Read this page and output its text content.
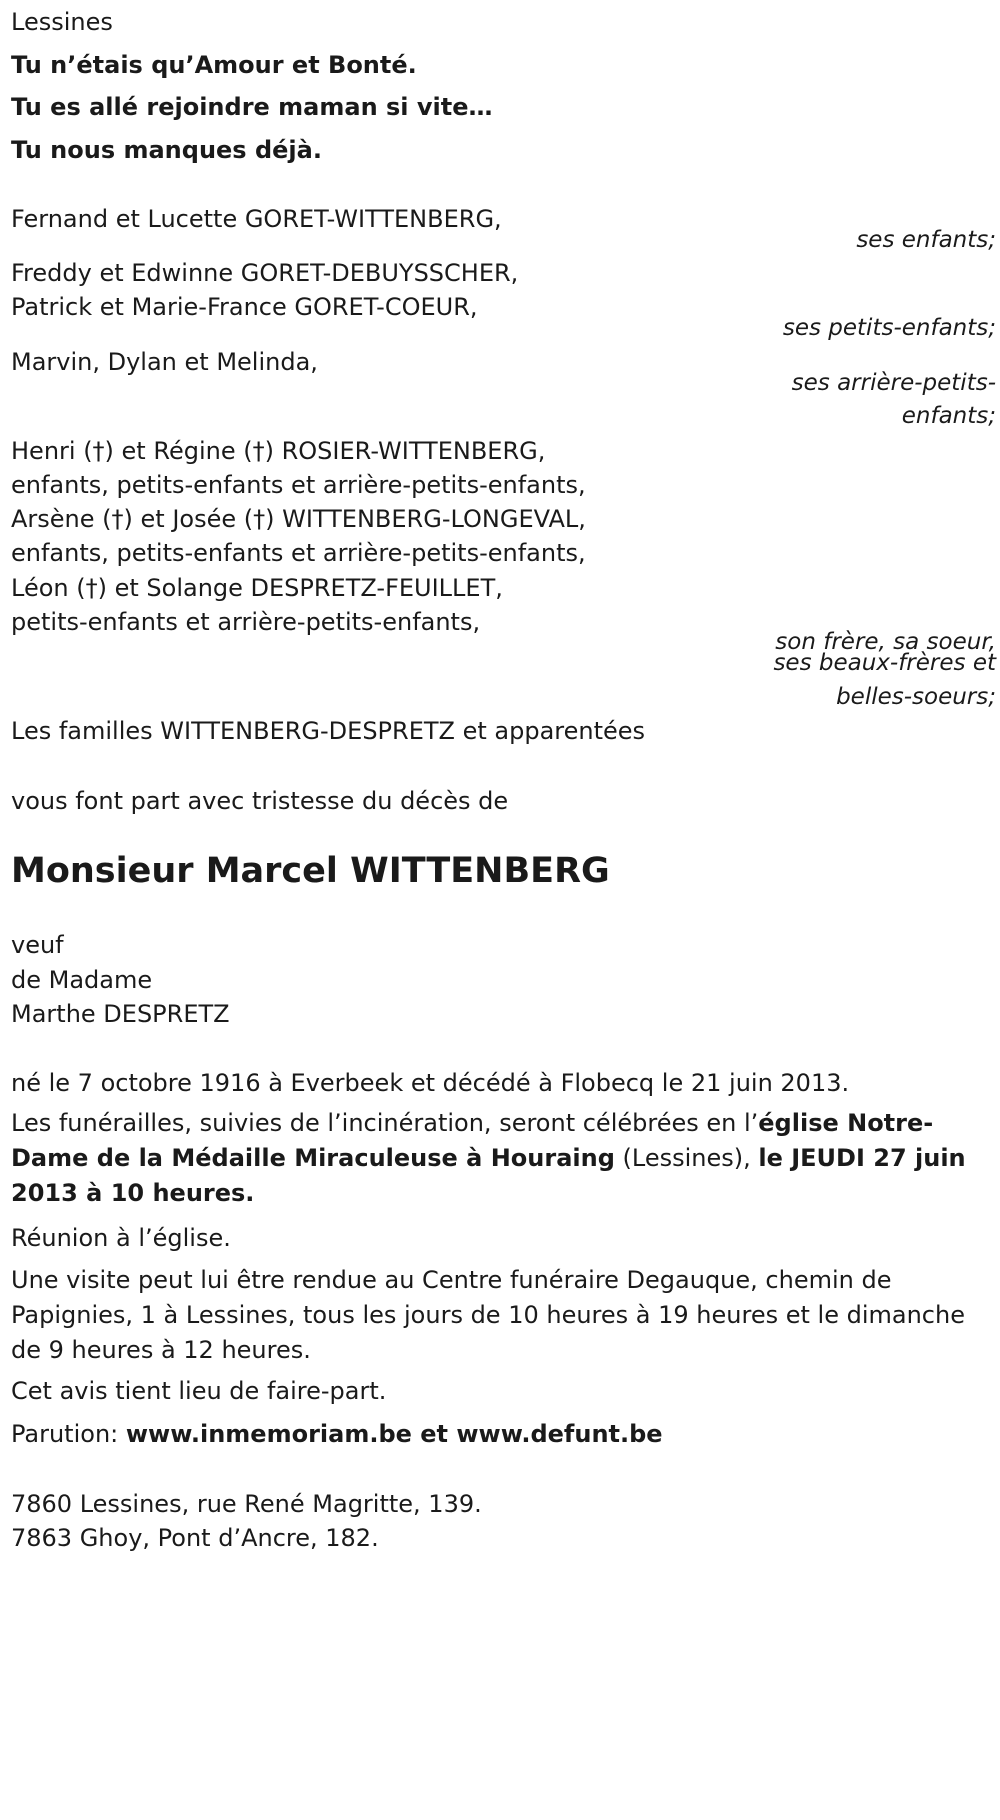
Lessines
Tu n’étais qu’Amour et Bonté.
Tu es allé rejoindre maman si vite…
Tu nous manques déjà.
Fernand et Lucette GORET-WITTENBERG,
ses enfants;
Freddy et Edwinne GORET-DEBUYSSCHER,
Patrick et Marie-France GORET-COEUR,
ses petits-enfants;
Marvin, Dylan et Melinda,
ses arrière-petits-
enfants;
Henri (†) et Régine (†) ROSIER-WITTENBERG,
enfants, petits-enfants et arrière-petits-enfants,
Arsène (†) et Josée (†) WITTENBERG-LONGEVAL,
enfants, petits-enfants et arrière-petits-enfants,
Léon (†) et Solange DESPRETZ-FEUILLET,
petits-enfants et arrière-petits-enfants,
son frère, sa soeur,
ses beaux-frères et
belles-soeurs;
Les familles WITTENBERG-DESPRETZ et apparentées
vous font part avec tristesse du décès de
Monsieur Marcel WITTENBERG
veuf
de Madame
Marthe DESPRETZ
né le 7 octobre 1916 à Everbeek et décédé à Flobecq le 21 juin 2013.
Les funérailles, suivies de l’incinération, seront célébrées en l’église Notre-Dame de la Médaille Miraculeuse à Houraing (Lessines), le JEUDI 27 juin 2013 à 10 heures.
Réunion à l’église.
Une visite peut lui être rendue au Centre funéraire Degauque, chemin de Papignies, 1 à Lessines, tous les jours de 10 heures à 19 heures et le dimanche de 9 heures à 12 heures.
Cet avis tient lieu de faire-part.
Parution: www.inmemoriam.be et www.defunt.be
7860 Lessines, rue René Magritte, 139.
7863 Ghoy, Pont d’Ancre, 182.
